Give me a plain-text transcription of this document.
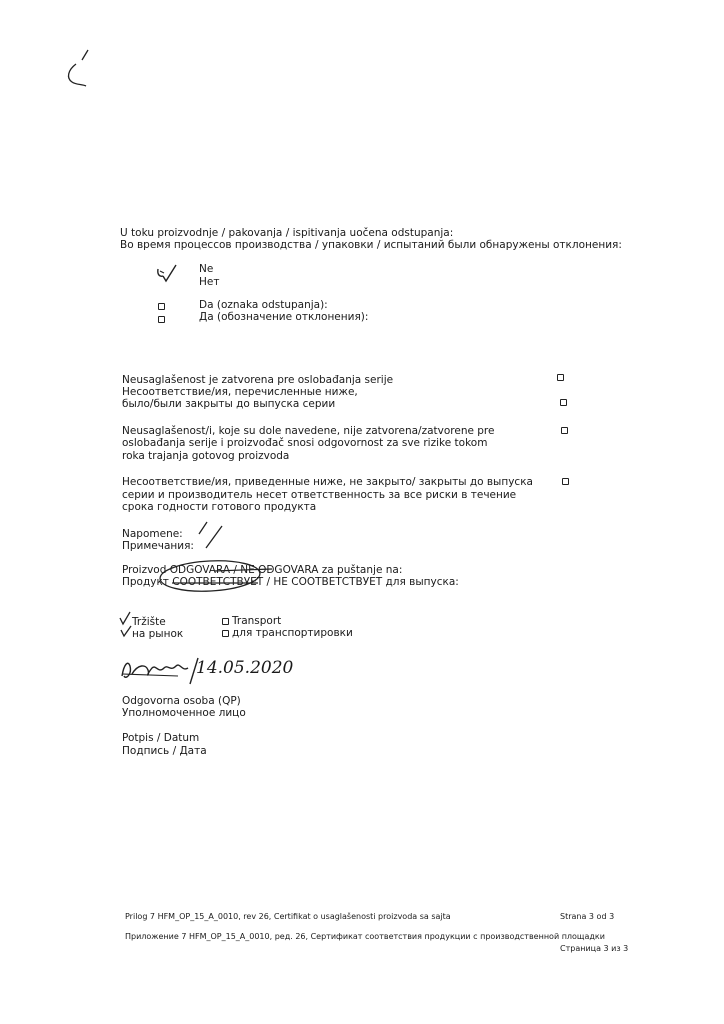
U toku proizvodnje / pakovanja / ispitivanja uočena odstupanja:
Во время процессов производства / упаковки / испытаний были обнаружены отклонения:
Ne
Нет
Da (oznaka odstupanja):
Да (обозначение отклонения):
Neusaglašenost je zatvorena pre oslobađanja serije
Несоответствие/ия, перечисленные ниже,
было/были закрыты до выпуска серии
Neusaglašenost/i, koje su dole navedene, nije zatvorena/zatvorene pre
oslobađanja serije i proizvođač snosi odgovornost za sve rizike tokom
roka trajanja gotovog proizvoda
Несоответствие/ия, приведенные ниже, не закрыто/ закрыты до выпуска
серии и производитель несет ответственность за все риски в течение
срока годности готового продукта
Napomene:
Примечания:
Proizvod ODGOVARA / NE ODGOVARA za puštanje na:
Продукт СООТВЕТСТВУЕТ / НЕ СООТВЕТСТВУЕТ для выпуска:
Tržište
на рынок
Transport
для транспортировки
14.05.2020
Odgovorna osoba (QP)
Уполномоченное лицо
Potpis / Datum
Подпись / Дата
Prilog 7 HFM_OP_15_A_0010, rev 26, Certifikat o usaglašenosti proizvoda sa sajta	Strana 3 od 3
Приложение 7 HFM_OP_15_A_0010, ред. 26, Сертификат соответствия продукции с производственной площадки
Страница 3 из 3
